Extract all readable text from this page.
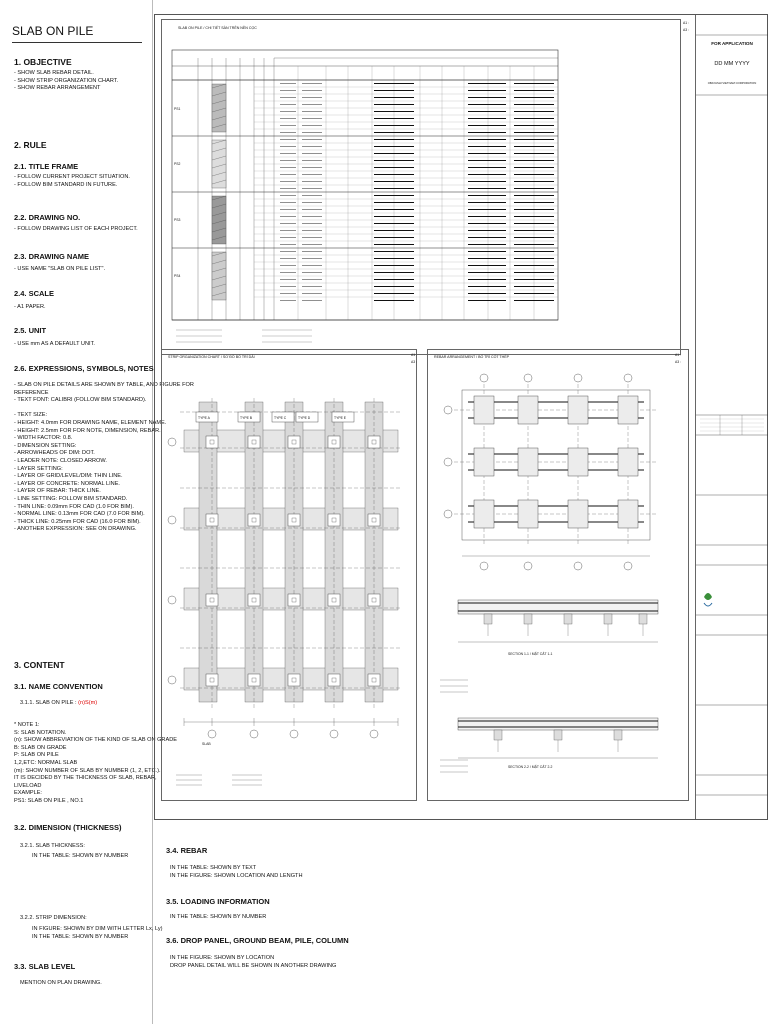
SLAB ON PILE
1. OBJECTIVE
- SHOW SLAB REBAR DETAIL.
- SHOW STRIP ORGANIZATION CHART.
- SHOW REBAR ARRANGEMENT
2. RULE
2.1. TITLE FRAME
- FOLLOW CURRENT PROJECT SITUATION.
- FOLLOW BIM STANDARD IN FUTURE.
2.2. DRAWING NO.
- FOLLOW DRAWING LIST OF EACH PROJECT.
2.3. DRAWING NAME
- USE NAME "SLAB ON PILE LIST".
2.4. SCALE
- A1 PAPER.
2.5. UNIT
- USE mm AS A DEFAULT UNIT.
2.6. EXPRESSIONS, SYMBOLS, NOTES
- SLAB ON PILE DETAILS ARE SHOWN BY TABLE, AND FIGURE FOR
REFERENCE
- TEXT FONT: CALIBRI (FOLLOW BIM STANDARD).

- TEXT SIZE:
- HEIGHT: 4.0mm FOR DRAWING NAME, ELEMENT NAME.
- HEIGHT: 2.5mm FOR FOR NOTE, DIMENSION, REBAR.
- WIDTH FACTOR: 0.8.
- DIMENSION SETTING:
- ARROWHEADS OF DIM: DOT.
- LEADER NOTE: CLOSED ARROW.
- LAYER SETTING:
- LAYER OF GRID/LEVEL/DIM: THIN LINE.
- LAYER OF CONCRETE: NORMAL LINE.
- LAYER OF REBAR: THICK LINE.
- LINE SETTING: FOLLOW BIM STANDARD.
- THIN LINE: 0.09mm FOR CAD (1.0 FOR BIM).
- NORMAL LINE: 0.13mm FOR CAD (7.0 FOR BIM).
- THICK LINE: 0.25mm FOR CAD (16.0 FOR BIM).
- ANOTHER EXPRESSION: SEE ON DRAWING.
3. CONTENT
3.1. NAME CONVENTION
3.1.1. SLAB ON PILE : (n)S(m)
* NOTE 1:
S: SLAB NOTATION.
(n): SHOW ABBREVIATION OF THE KIND OF SLAB ON GRADE
B: SLAB ON GRADE
P: SLAB ON PILE
1,2,ETC: NORMAL SLAB
(m): SHOW NUMBER OF SLAB BY NUMBER (1, 2, ETC.).
IT IS DECIDED BY THE THICKNESS OF SLAB, REBAR,
LIVELOAD
EXAMPLE:
PS1: SLAB ON PILE , NO.1
3.2. DIMENSION (THICKNESS)
3.2.1. SLAB THICKNESS:
IN THE TABLE: SHOWN BY NUMBER
3.2.2. STRIP DIMENSION:
IN FIGURE: SHOWN BY DIM WITH LETTER Lx, Ly)
IN THE TABLE: SHOWN BY NUMBER
3.3. SLAB LEVEL
MENTION ON PLAN DRAWING.
3.4. REBAR
IN THE TABLE: SHOWN BY TEXT
IN THE FIGURE: SHOWN LOCATION AND LENGTH
3.5. LOADING INFORMATION
IN THE TABLE: SHOWN BY NUMBER
3.6. DROP PANEL, GROUND BEAM, PILE, COLUMN
IN THE FIGURE: SHOWN BY LOCATION
DROP PANEL DETAIL WILL BE SHOWN IN ANOTHER DRAWING
SLAB ON PILE / CHI TIẾT SÀN TRÊN NỀN CỌC
PS1
PS2
PS3
PS4
A1 :
A3 :
STRIP ORGANIZATION CHART / SƠ ĐỒ BỐ TRÍ DẢI
TYPE A	TYPE B	TYPE C	TYPE D	TYPE E
SLAB
A1 :
A3 :
REBAR ARRANGEMENT / BỐ TRÍ CỐT THÉP
SECTION 1-1 / MẶT CẮT 1-1
SECTION 2-2 / MẶT CẮT 2-2
A1 :
A3 :
FOR APPLICATION
DD MM YYYY
OBAYASHI VIETNAM CORPORATION
